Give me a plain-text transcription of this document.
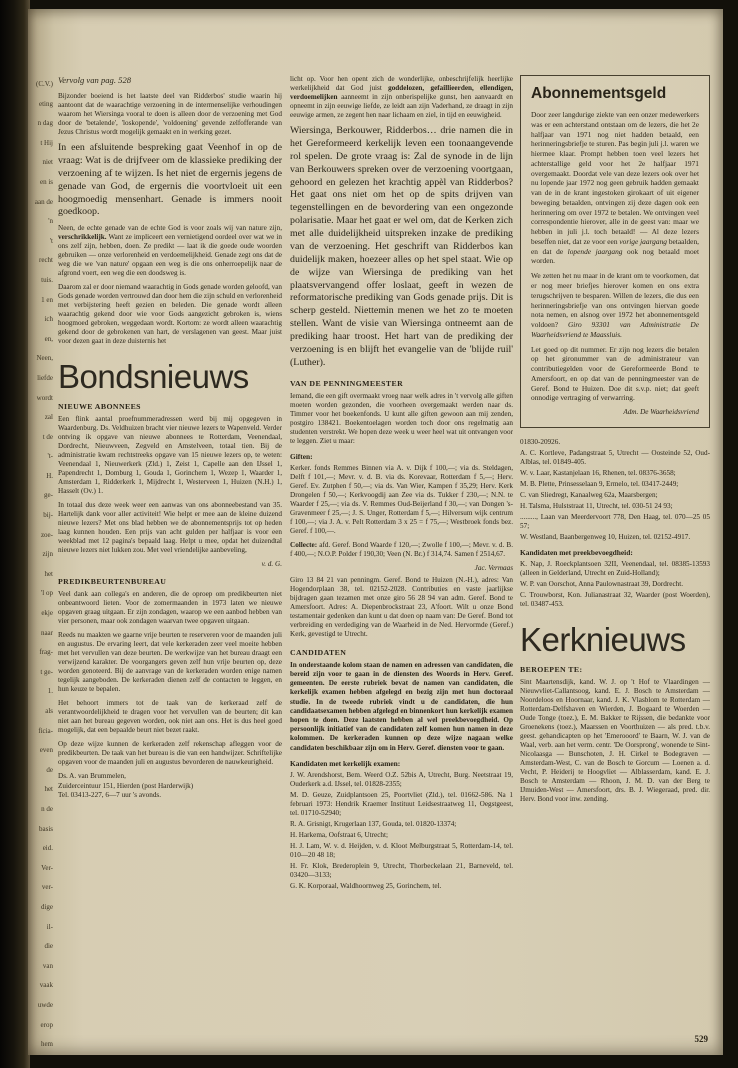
(C.V.)
eting
n dag
t Hij
niet
en is
aan de
'n
't
recht
tuis.
1 en
ich
en,
Neen,
liefde
wordt
zal
t de
't-
H.
ge-
bij-
zoe-
zijn
het
'l op
ekje
naar
frag-
t ge-
1.
als
ficia-
even
de
het
n de
basis
eid.
Ver-
ver-
dige
il-
die
van
vaak
uwde
erop
hem
Vervolg van pag. 528

Bijzonder boeiend is het laatste deel van Ridderbos' studie waarin hij aantoont dat de waarachtige verzoening in de intermenselijke verhoudingen waarom het Wiersinga vooral te doen is alleen door de verzoening met God door de 'betalende', 'loskopende', 'voldoening' gevende zelfofferande van Jezus Christus wordt mogelijk gemaakt en in werking gezet.

In een afsluitende bespreking gaat Veenhof in op de vraag: Wat is de drijfveer om de klassieke prediking der verzoening af te wijzen. Is het niet de ergernis jegens de genade van God, de ergernis die voortvloeit uit een hoogmoedig mensenhart. Genade is immers nooit goedkoop.

Neen, de echte genade van de echte God is voor zoals wij van nature zijn, verschrikkelijk. Want ze impliceert een vernietigend oordeel over wat we in ons zelf zijn, hebben, doen. Ze predikt — laat ik die goede oude woorden gebruiken — onze verlorenheid en verdoemelijkheid. Genade zegt ons dat de weg die we 'van nature' opgaan een weg is die ons onherroepelijk naar de afgrond voert, een weg die een doodsweg is.

Daarom zal er door niemand waarachtig in Gods genade worden geloofd, van Gods genade worden vertrouwd dan door hem die zijn schuld en verlorenheid met verbijstering heeft gezien en beleden. Die genade wordt alleen waarachtig gekend door wie voor Gods aangezicht gebroken is, wiens hoogmoed gebroken, weggedaan wordt. Kortom: ze wordt alleen waarachtig gekend door de gebrokenen van hart, de verslagenen van geest. Maar juist voor dezen gaat in deze duisternis het

Bondsnieuws
NIEUWE ABONNEES

Een flink aantal proefnummeradressen werd bij mij opgegeven in Waardenburg. Ds. Veldhuizen bracht vier nieuwe lezers te Wapenveld. Verder ontving ik opgave van nieuwe abonnees te Rotterdam, Veenendaal, Dordrecht, Nieuwveen, Zegveld en Amstelveen, totaal tien. Bij de administratie kwam rechtstreeks opgave van 15 nieuwe lezers op, te weten: Veenendaal 1, Nieuwerkerk (Zld.) 1, Zeist 1, Capelle aan den IJssel 1, Papendrecht 1, Domburg 1, Gouda 1, Gorinchem 1, Wezep 1, Waarder 1, Amsterdam 1, Ridderkerk 1, Mijdrecht 1, Westerveen 1, Huizen (N.H.) 1, Hasselt (Ov.) 1.

In totaal dus deze week weer een aanwas van ons abonneebestand van 35. Hartelijk dank voor aller activiteit! Wie helpt er mee aan de kleine duizend nieuwe lezers? Met ons blad hebben we de abonnementsprijs tot op heden laag kunnen houden. Een prijs van acht gulden per halfjaar is voor een weekblad met 12 pagina's bepaald laag. Helpt u mee, opdat het duizendtal nieuwe lezers niet lukken zou. Met veel vriendelijke aanbeveling,

v. d. G.
PREDIKBEURTENBUREAU

Veel dank aan collega's en anderen, die de oproep om predikbeurten niet onbeantwoord lieten. Voor de zomermaanden in 1973 laten we nieuwe opgaven graag uitgaan. Er zijn zondagen, waarop we een aanbod hebben van vier personen, maar ook zondagen waarvan twee opgaven uitgaan.

Reeds nu maakten we gaarne vrije beurten te reserveren voor de maanden juli en augustus. De ervaring leert, dat vele kerkeraden zeer veel moeite hebben met het vervullen van deze beurten. De werkwijze van het bureau draagt een verwijzend karakter. De voorgangers geven zelf hun vrije beurten op, deze worden genoteerd. Bij de aanvrage van de kerkeraden worden enige namen tegelijk aangeboden. De kerkeraden dienen zelf de contacten te leggen, en hun keuze te bepalen.

Het behoort immers tot de taak van de kerkeraad zelf de verantwoordelijkheid te dragen voor het vervullen van de beurten; dit kan niet aan het bureau gegeven worden, ook niet aan ons. Het is dus heel goed mogelijk, dat een bepaalde beurt niet bezet raakt.

Op deze wijze kunnen de kerkeraden zelf rekenschap afleggen voor de predikbeurten. De taak van het bureau is die van een handwijzer. Schriftelijke opgaven voor de maanden juli en augustus bevorderen de nauwkeurigheid.

Ds. A. van Brummelen,
Zuiderceintuur 151, Hierden (post Harderwijk)
Tel. 03413-227, 6—7 uur 's avonds.

licht op. Voor hen opent zich de wonderlijke, onbeschrijfelijk heerlijke werkelijkheid dat God juist goddelozen, gefaillieerden, ellendigen, verdoemelijken aanneemt in zijn onberispelijke gunst, hen aanvaardt en opneemt in zijn eeuwige liefde, ze leidt aan zijn Vaderhand, ze draagt in zijn eeuwige armen, ze zegent hen naar lichaam en ziel, in tijd en eeuwigheid.

Wiersinga, Berkouwer, Ridderbos… drie namen die in het Gereformeerd kerkelijk leven een toonaangevende rol spelen. De grote vraag is: Zal de synode in de lijn van Berkouwers spreken over de verzoening voortgaan, gehoord en gelezen het krachtig appèl van Ridderbos? Het gaat ons niet om het op de spits drijven van tegenstellingen en de bevordering van een ongezonde polarisatie. Maar het gaat er wel om, dat de Kerken zich met alle duidelijkheid uitspreken inzake de prediking van de verzoening. Het geschrift van Ridderbos kan duidelijk maken, hoezeer alles op het spel staat. Wie op de wijze van Wiersinga de prediking van het plaatsvervangend offer loslaat, geeft in wezen de reformatorische prediking van Gods genade prijs. Dit is scherp gesteld. Niettemin menen we het zo te moeten stellen. Want de visie van Wiersinga ontneemt aan de prediking haar troost. Het hart van de prediking der verzoening is en blijft het evangelie van de 'blijde ruil' (Luther).

VAN DE PENNINGMEESTER

Iemand, die een gift overmaakt vroeg naar welk adres in 't vervolg alle giften moeten worden gezonden, die voorheen overgemaakt werden naar ds. Timmer voor het boekenfonds. U kunt alle giften gewoon aan mij zenden, postgiro 138421. Boekentoelagen worden toch door ons regelmatig aan studenten verstrekt. We hopen deze week u weer heel wat uit ontvangen voor te leggen. Ziet u maar:

Giften:

Kerker. fonds Remmes Binnen via A. v. Dijk f 100,—; via ds. Steldagen, Delft f 101,—; Mevr. v. d. B. via ds. Korevaar, Rotterdam f 5,—; Herv. Geref. Ev. Zutphen f 50,—; via ds. Van Wier, Kampen f 35,29; Herv. Kerk Drongelen f 50,—; Kerkvoogdij aan Zee via ds. Tukker f 230,—; N.N. te Waarder f 25,—; via ds. V. Remmes Oud-Beijerland f 30,—; van Dongen 's-Gravenmeer f 25,—; J. S. Unger, Rotterdam f 5,—; Hilversum wijk centrum f 100,—; via J. A. v. Pelt Rotterdam 3 x 25 = f 75,—; Westbroek fonds bez. Geref. f 100,—.

Collecte: afd. Geref. Bond Waarde f 120,—; Zwolle f 100,—; Mevr. v. d. B. f 400,—; N.O.P. Polder f 190,30; Veen (N. Br.) f 314,74. Samen f 2514,67.

Jac. Vermaas

Giro 13 84 21 van penningm. Geref. Bond te Huizen (N.-H.), adres: Van Hogendorplaan 38, tel. 02152-2028. Contributies en vaste jaarlijkse bijdragen gaan tezamen met onze giro 56 28 94 van adm. Geref. Bond te Amersfoort. Adres: A. Diepenbrockstraat 23, A'foort. Wilt u onze Bond testamentair gedenken dan kunt u dat doen op naam van: De Geref. Bond tot verbreiding en verdediging van de Waarheid in de Ned. Hervormde (Geref.) Kerk, gevestigd te Utrecht.

CANDIDATEN

In onderstaande kolom staan de namen en adressen van candidaten, die bereid zijn voor te gaan in de diensten des Woords in Herv. Geref. gemeenten. De eerste rubriek bevat de namen van candidaten, die kerkelijk examen hebben afgelegd en bezig zijn met hun doctoraal studie. In de tweede rubriek vindt u de candidaten, die hun candidaatsexamen hebben afgelegd en binnenkort hun kerkelijk examen hopen te doen. Deze laatsten hebben al wel preekbevoegdheid. Op persoonlijk initiatief van de candidaten zelf komen hun namen in deze kolommen. De kerkeraden kunnen op deze wijze nagaan welke candidaten beschikbaar zijn om in Herv. Geref. diensten voor te gaan.

Kandidaten met kerkelijk examen:

J. W. Arendshorst, Bem. Weerd O.Z. 52bis A, Utrecht, Burg. Neetstraat 19, Ouderkerk a.d. IJssel, tel. 01828-2355;

M. D. Geuze, Zuidplantsoen 25, Poortvliet (Zld.), tel. 01662-586. Na 1 februari 1973: Hendrik Kraemer Instituut Leidsestraatweg 11, Oegstgeest, tel. 01710-52940;

R. A. Grisnigt, Krugerlaan 137, Gouda, tel. 01820-13374;

H. Harkema, Oofstraat 6, Utrecht;

H. J. Lam, W. v. d. Heijden, v. d. Kloot Melburgstraat 5, Rotterdam-14, tel. 010—20 48 18;

H. Fr. Klok, Brederoplein 9, Utrecht, Thorbeckelaan 21, Barneveld, tel. 03420—3133;

G. K. Korporaal, Waldhoornweg 25, Gorinchem, tel.

Abonnementsgeld

Door zeer langdurige ziekte van een onzer medewerkers was er een achterstand ontstaan om de lezers, die het 2e halfjaar van 1971 nog niet hadden betaald, een herinneringsbriefje te sturen. Pas begin juli j.l. waren we hiermee klaar. Prompt hebben toen veel lezers het achterstallige geld voor het 2e halfjaar 1971 overgemaakt. Doordat vele van deze lezers ook over het nu lopende jaar 1972 nog geen gebruik hadden gemaakt van de in de krant ingestoken girokaart of uit eigener beweging betaalden, ontvingen zij deze dagen ook een herinnering om over 1972 te betalen. We ontvingen veel correspondentie hierover, alle in de geest van: maar we hebben in juli j.l. toch betaald! — Al deze lezers beseffen niet, dat ze voor een vorige jaargang betaalden, en dat de lopende jaargang ook nog betaald moet worden.

We zetten het nu maar in de krant om te voorkomen, dat er nog meer briefjes hierover komen en ons extra terugschrijven te besparen. Willen de lezers, die dus een herinneringsbriefje van ons ontvingen hiervan goede nota nemen, en alsnog over 1972 het abonnementsgeld voldoen? Giro 93301 van Administratie De Waarheidsvriend te Maassluis.

Let goed op dit nummer. Er zijn nog lezers die betalen op het gironummer van de administrateur van contributiegelden voor de Gereformeerde Bond te Amersfoort, en op dat van de penningmeester van de Geref. Bond te Huizen. Doe dit s.v.p. niet; dat geeft onnodige vertraging of verwarring.

Adm. De Waarheidsvriend

01830-20926.

A. C. Kortleve, Padangstraat 5, Utrecht — Oosteinde 52, Oud-Alblas, tel. 01849-405.

W. v. Laar, Kastanjelaan 16, Rhenen, tel. 08376-3658;

M. B. Plette, Prinsesselaan 9, Ermelo, tel. 03417-2449;

C. van Sliedregt, Kanaalweg 62a, Maarsbergen;

H. Talsma, Hulststraat 11, Utrecht, tel. 030-51 24 93;

........., Laan van Meerdervoort 778, Den Haag, tel. 070—25 05 57;

W. Westland, Baanbergenweg 10, Huizen, tel. 02152-4917.

Kandidaten met preekbevoegdheid:

K. Nap, J. Roeckplantsoen 32II, Veenendaal, tel. 08385-13593 (alleen in Gelderland, Utrecht en Zuid-Holland);

W. P. van Oorschot, Anna Paulownastraat 39, Dordrecht.

C. Trouwborst, Kon. Julianastraat 32, Waarder (post Woerden), tel. 03487-453.

Kerknieuws
BEROEPEN TE:

Sint Maartensdijk, kand. W. J. op 't Hof te Vlaardingen — Nieuwvliet-Callantsoog, kand. E. J. Bosch te Amsterdam — Noordeloos en Hoornaar, kand. J. K. Vlasblom te Rotterdam — Rotterdam-Delfshaven en Wierden, J. Bogaard te Woerden — Oude Tonge (toez.), E. M. Bakker te Rijssen, die bedankte voor Groenekens (toez.), Maarssen en Voorthuizen — als pred. t.b.v. geest. gehandicapten op het 'Emerooord' te Baarn, W. J. van de Waal, verb. aan het verm. centr. 'De Oorsprong', wonende te Sint-Nicolaasga — Bunschoten, J. H. Cirkel te Bodegraven — Amsterdam-West, C. van de Bosch te Gorcum — Loenen a. d. Vecht, P. Heiderij te Hoogvliet — Alblasserdam, kand. E. J. Bosch te Amsterdam — Rhoon, J. M. D. van der Berg te IJmuiden-West — Amersfoort, drs. B. J. Wiegeraad, pred. dir. Herv. Bond voor inw. zending.

529
